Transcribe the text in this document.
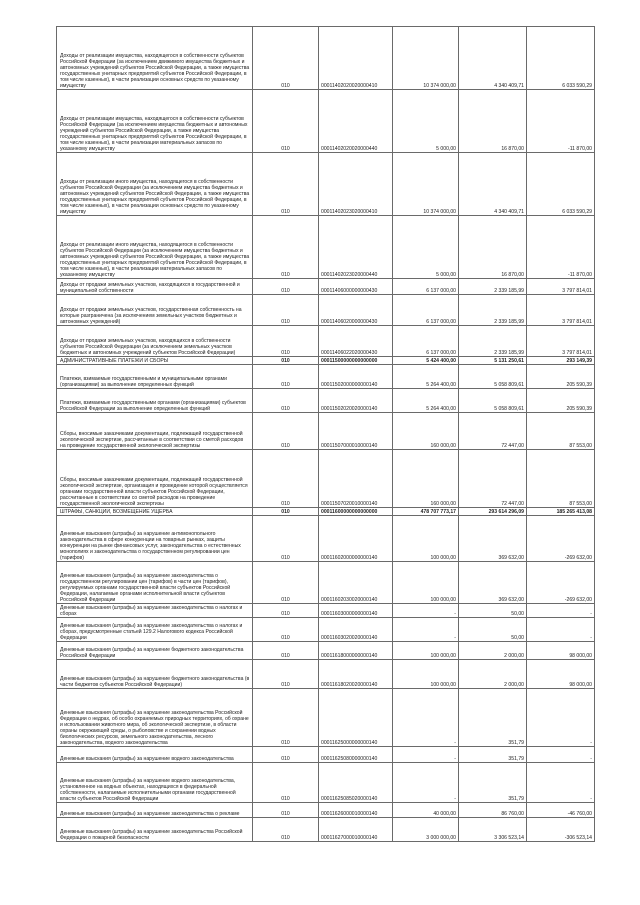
Доходы от реализации имущества, находящегося в собственности субъектов Российской Федерации (за исключением движимого имущества бюджетных и автономных учреждений субъектов Российской Федерации, а также имущества государственных унитарных предприятий субъектов Российской Федерации, в том числе казенных), в части реализации основных средств по указанному имуществу	010	00011402020020000410	10 374 000,00	4 340 409,71	6 033 590,29
Доходы от реализации имущества, находящегося в собственности субъектов Российской Федерации (за исключением имущества бюджетных и автономных учреждений субъектов Российской Федерации, а также имущества государственных унитарных предприятий субъектов Российской Федерации, в том числе казенных), в части реализации материальных запасов по указанному имуществу	010	00011402020020000440	5 000,00	16 870,00	-11 870,00
Доходы от реализации иного имущества, находящегося в собственности субъектов Российской Федерации (за исключением имущества бюджетных и автономных учреждений субъектов Российской Федерации, а также имущества государственных унитарных предприятий субъектов Российской Федерации, в том числе казенных), в части реализации основных средств по указанному имуществу	010	00011402023020000410	10 374 000,00	4 340 409,71	6 033 590,29
Доходы от реализации иного имущества, находящегося в собственности субъектов Российской Федерации (за исключением имущества бюджетных и автономных учреждений субъектов Российской Федерации, а также имущества государственных унитарных предприятий субъектов Российской Федерации, в том числе казенных), в части реализации материальных запасов по указанному имуществу	010	00011402023020000440	5 000,00	16 870,00	-11 870,00
Доходы от продажи земельных участков, находящихся в государственной и муниципальной собственности	010	00011406000000000430	6 137 000,00	2 339 185,99	3 797 814,01
Доходы от продажи земельных участков, государственная собственность на которые разграничена (за исключением земельных участков бюджетных и автономных учреждений)	010	00011406020000000430	6 137 000,00	2 339 185,99	3 797 814,01
Доходы от продажи земельных участков, находящихся в собственности субъектов Российской Федерации (за исключением земельных участков бюджетных и автономных учреждений субъектов Российской Федерации)	010	00011406022020000430	6 137 000,00	2 339 185,99	3 797 814,01
АДМИНИСТРАТИВНЫЕ ПЛАТЕЖИ И СБОРЫ	010	00011500000000000000	5 424 400,00	5 131 250,61	293 149,39
Платежи, взимаемые государственными и муниципальными органами (организациями) за выполнение определенных функций	010	00011502000000000140	5 264 400,00	5 058 809,61	205 590,39
Платежи, взимаемые государственными органами (организациями) субъектов Российской Федерации за выполнение определенных функций	010	00011502020020000140	5 264 400,00	5 058 809,61	205 590,39
Сборы, вносимые заказчиками документации, подлежащей государственной экологической экспертизе, рассчитанные в соответствии со сметой расходов на проведение государственной экологической экспертизы	010	00011507000010000140	160 000,00	72 447,00	87 553,00
Сборы, вносимые заказчиками документации, подлежащей государственной экологической экспертизе, организация и проведение которой осуществляется органами государственной власти субъектов Российской Федерации, рассчитанные в соответствии со сметой расходов на проведение государственной экологической экспертизы	010	00011507020010000140	160 000,00	72 447,00	87 553,00
ШТРАФЫ, САНКЦИИ, ВОЗМЕЩЕНИЕ УЩЕРБА	010	00011600000000000000	478 707 773,17	293 614 296,09	185 265 413,08
Денежные взыскания (штрафы) за нарушение антимонопольного законодательства в сфере конкуренции на товарных рынках, защиты конкуренции на рынке финансовых услуг, законодательства о естественных монополиях и законодательства о государственном регулировании цен (тарифов)	010	00011602000000000140	100 000,00	369 632,00	-269 632,00
Денежные взыскания (штрафы) за нарушение законодательства о государственном регулировании цен (тарифов) в части цен (тарифов), регулируемых органами государственной власти субъектов Российской Федерации, налагаемые органами исполнительной власти субъектов Российской Федерации	010	00011602030020000140	100 000,00	369 632,00	-269 632,00
Денежные взыскания (штрафы) за нарушение законодательства о налогах и сборах	010	00011603000000000140	-	50,00	-
Денежные взыскания (штрафы) за нарушение законодательства о налогах и сборах, предусмотренные статьей 129.2 Налогового кодекса Российской Федерации	010	00011603020020000140	-	50,00	-
Денежные взыскания (штрафы) за нарушение бюджетного законодательства Российской Федерации	010	00011618000000000140	100 000,00	2 000,00	98 000,00
Денежные взыскания (штрафы) за нарушение бюджетного законодательства (в части бюджетов субъектов Российской Федерации)	010	00011618020020000140	100 000,00	2 000,00	98 000,00
Денежные взыскания (штрафы) за нарушение законодательства Российской Федерации о недрах, об особо охраняемых природных территориях, об охране и использовании животного мира, об экологической экспертизе, в области охраны окружающей среды, о рыболовстве и сохранении водных биологических ресурсов, земельного законодательства, лесного законодательства, водного законодательства	010	00011625000000000140	-	351,79	-
Денежные взыскания (штрафы) за нарушение водного законодательства	010	00011625080000000140	-	351,79	-
Денежные взыскания (штрафы) за нарушение водного законодательства, установленное на водных объектах, находящихся в федеральной собственности, налагаемые исполнительными органами государственной власти субъектов Российской Федерации	010	00011625085020000140	-	351,79	-
Денежные взыскания (штрафы) за нарушение законодательства о рекламе	010	00011626000010000140	40 000,00	86 760,00	-46 760,00
Денежные взыскания (штрафы) за нарушение законодательства Российской Федерации о пожарной безопасности	010	00011627000010000140	3 000 000,00	3 306 523,14	-306 523,14
